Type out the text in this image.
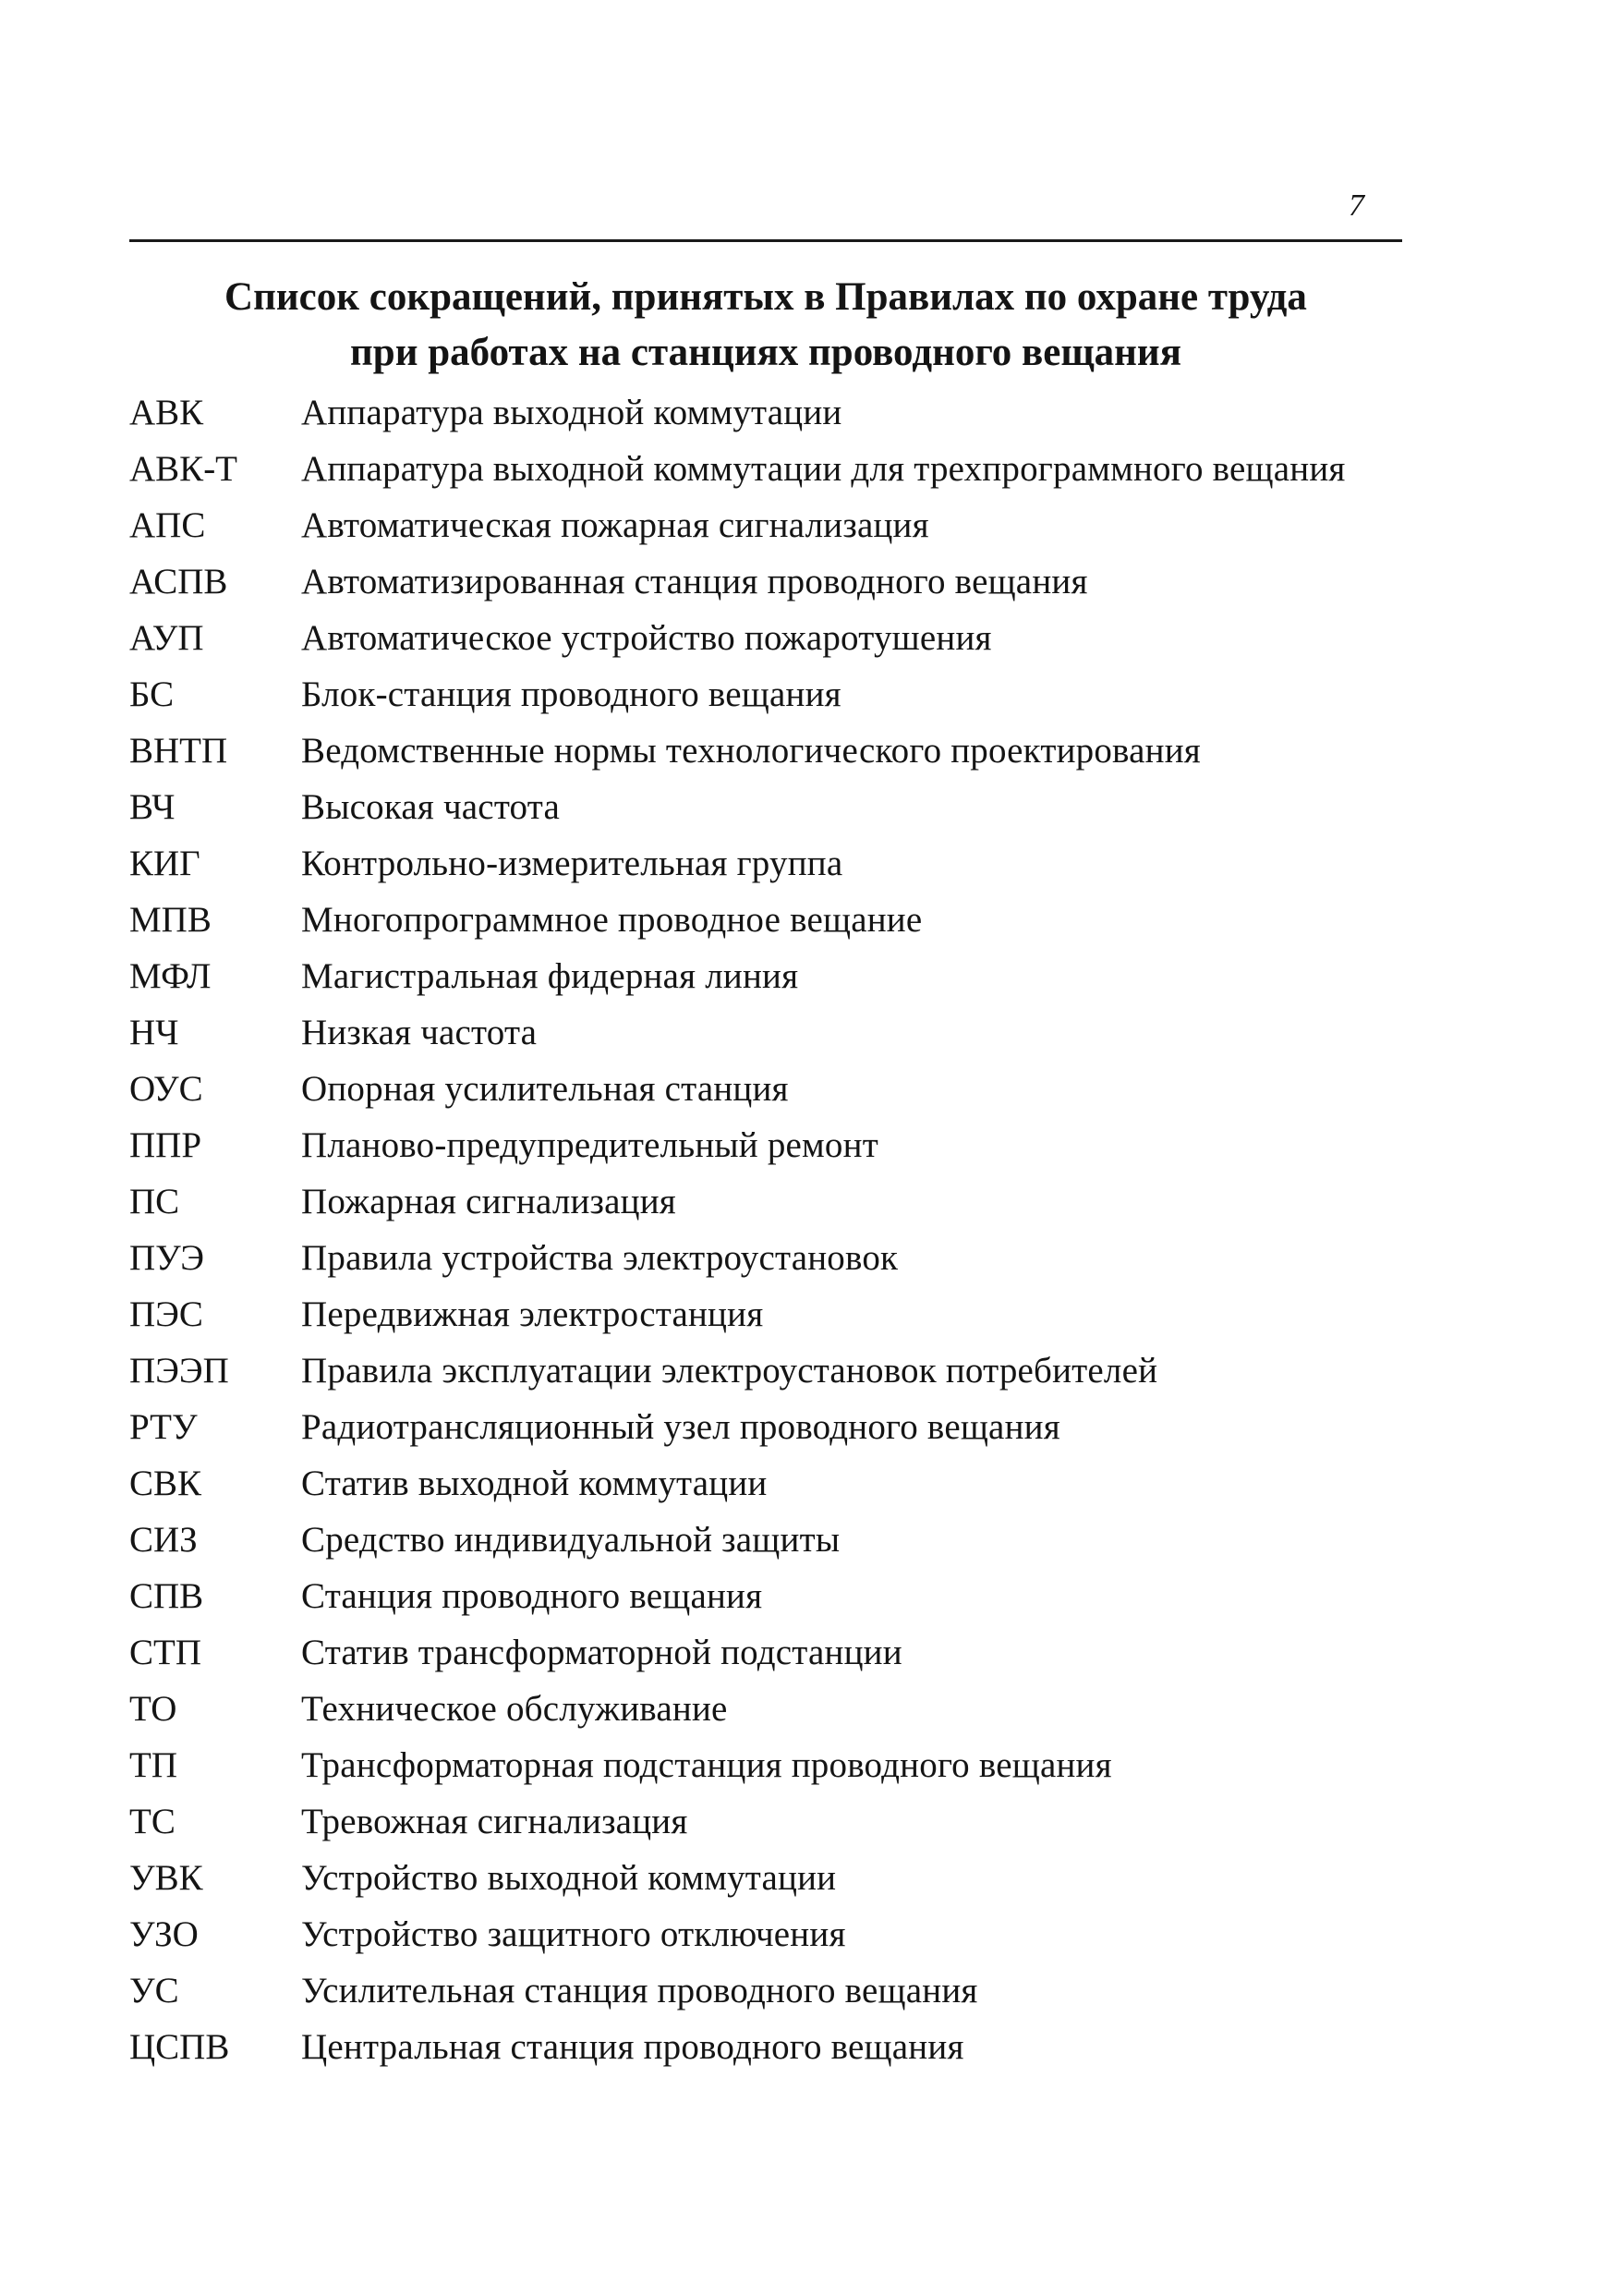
7
Список сокращений, принятых в Правилах по охране труда
при работах на станциях проводного вещания
АВК	Аппаратура выходной коммутации
АВК-Т	Аппаратура выходной коммутации для трехпрограммного вещания
АПС	Автоматическая пожарная сигнализация
АСПВ	Автоматизированная станция проводного вещания
АУП	Автоматическое устройство пожаротушения
БС	Блок-станция проводного вещания
ВНТП	Ведомственные нормы технологического проектирования
ВЧ	Высокая частота
КИГ	Контрольно-измерительная группа
МПВ	Многопрограммное проводное вещание
МФЛ	Магистральная фидерная линия
НЧ	Низкая частота
ОУС	Опорная усилительная станция
ППР	Планово-предупредительный ремонт
ПС	Пожарная сигнализация
ПУЭ	Правила устройства электроустановок
ПЭС	Передвижная электростанция
ПЭЭП	Правила эксплуатации электроустановок потребителей
РТУ	Радиотрансляционный узел проводного вещания
СВК	Статив выходной коммутации
СИЗ	Средство индивидуальной защиты
СПВ	Станция проводного вещания
СТП	Статив трансформаторной подстанции
ТО	Техническое обслуживание
ТП	Трансформаторная подстанция проводного вещания
ТС	Тревожная сигнализация
УВК	Устройство выходной коммутации
УЗО	Устройство защитного отключения
УС	Усилительная станция проводного вещания
ЦСПВ	Центральная станция проводного вещания
